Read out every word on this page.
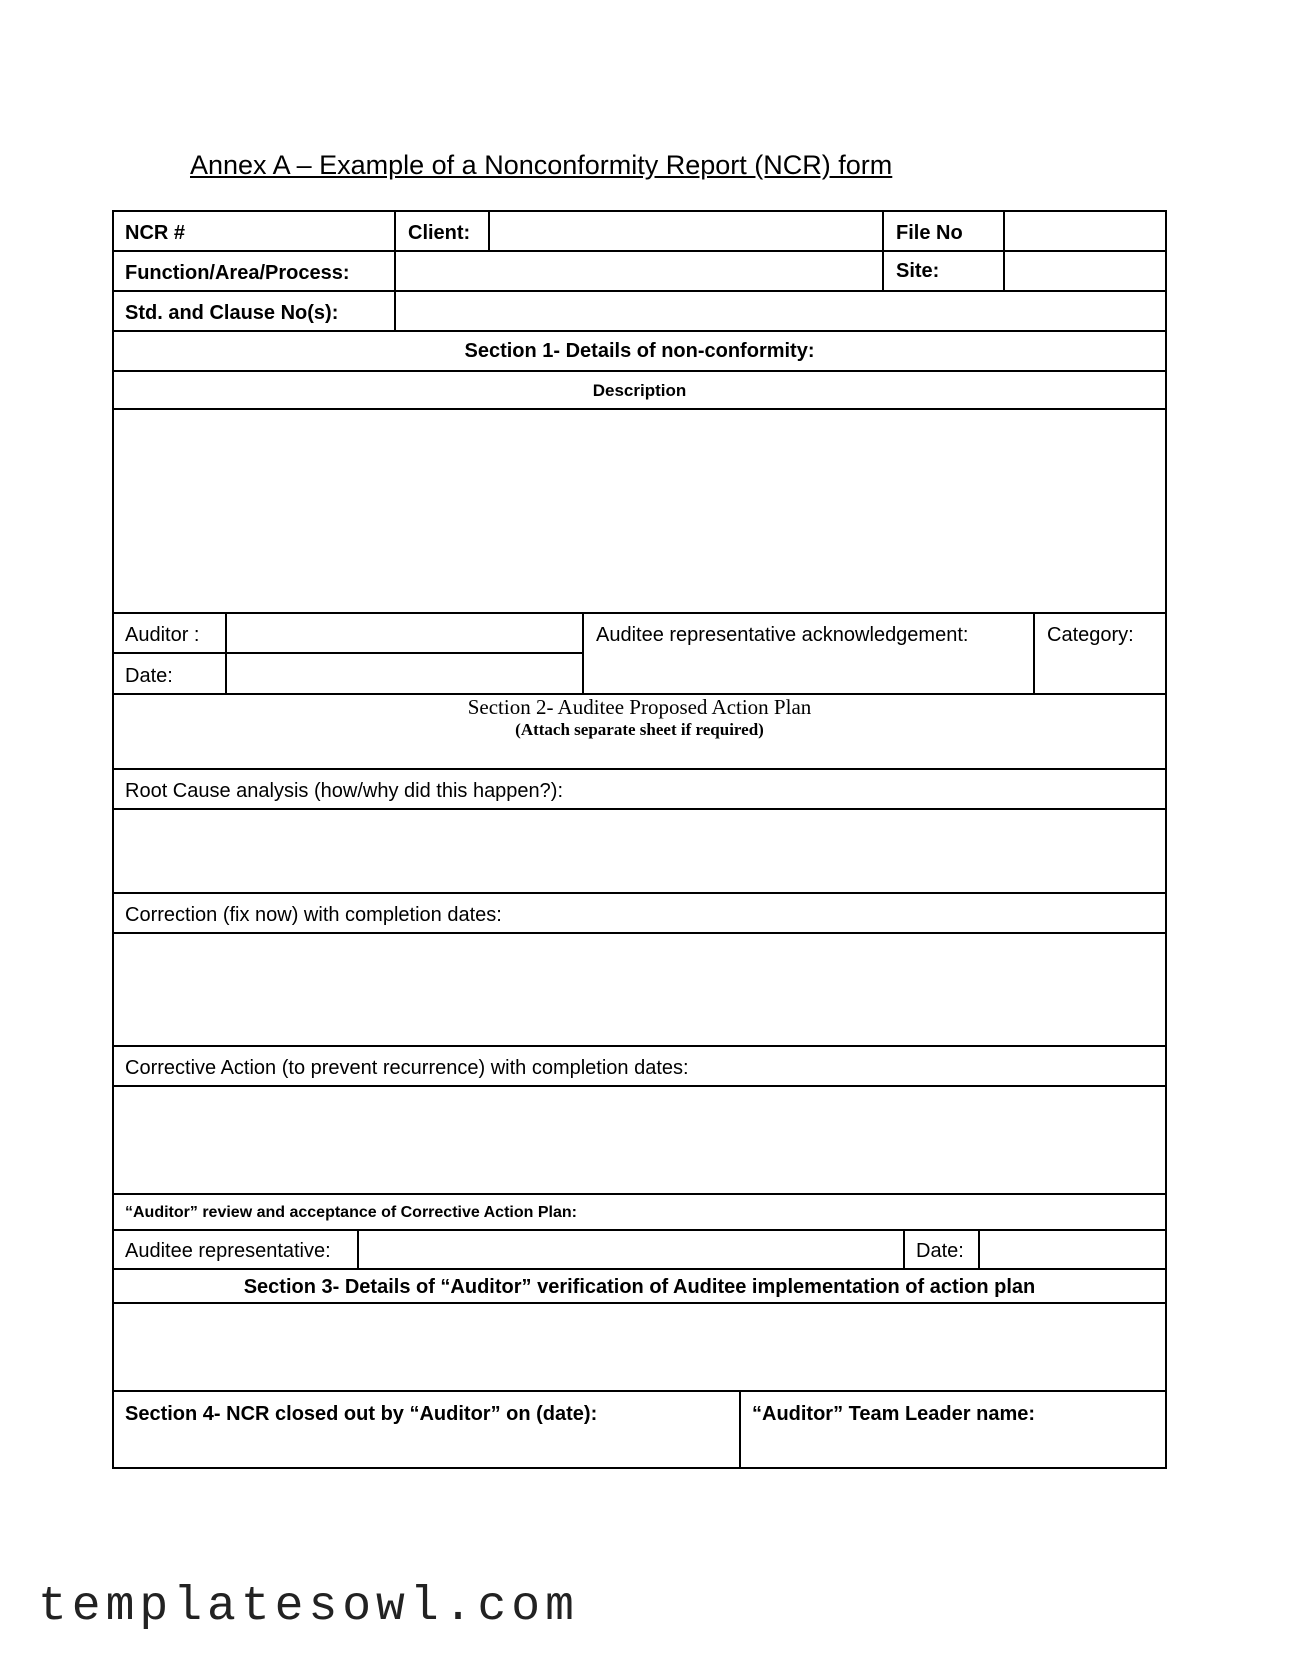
Annex A – Example of a Nonconformity Report (NCR) form
NCR #	Client:	File No
Function/Area/Process:	Site:
Std. and Clause No(s):
Section 1- Details of non-conformity:
Description
Auditor :
Date:
Auditee representative acknowledgement:	Category:
Section 2- Auditee Proposed Action Plan
(Attach separate sheet if required)
Root Cause analysis (how/why did this happen?):
Correction (fix now) with completion dates:
Corrective Action (to prevent recurrence) with completion dates:
“Auditor” review and acceptance of Corrective Action Plan:
Auditee representative:	Date:
Section 3- Details of “Auditor” verification of Auditee implementation of action plan
Section 4- NCR closed out by “Auditor” on (date):	“Auditor” Team Leader name:
templatesowl.com
